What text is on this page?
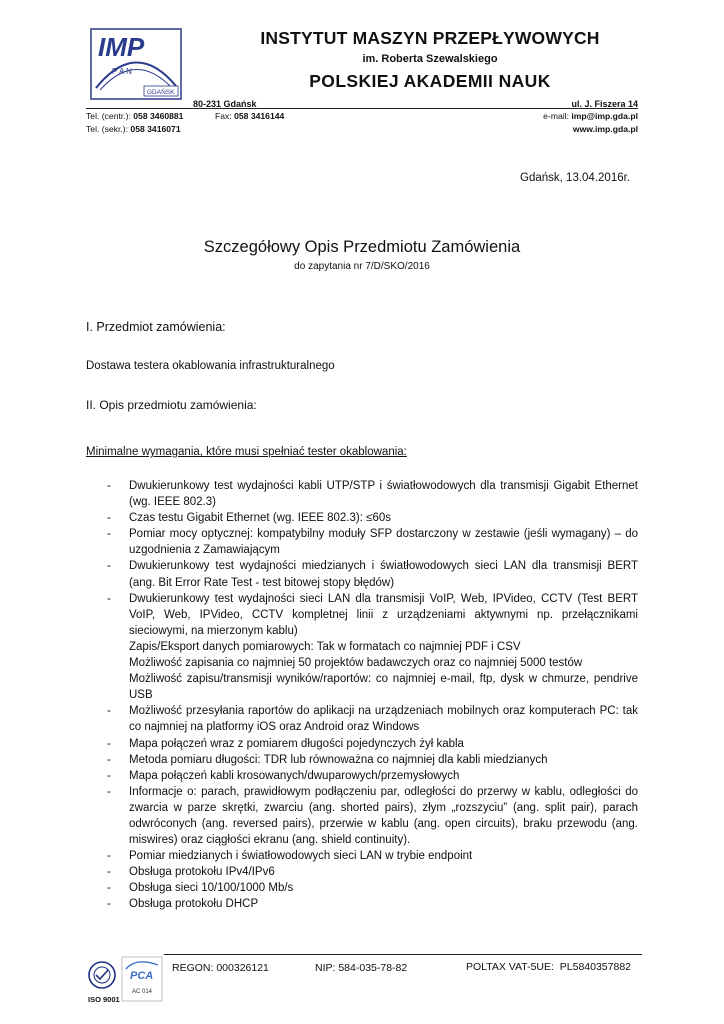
IMP
P A N
GDAŃSK
INSTYTUT MASZYN PRZEPŁYWOWYCH
im. Roberta Szewalskiego
POLSKIEJ AKADEMII NAUK
80-231 Gdańsk	ul. J. Fiszera 14
Tel. (centr.): 058 3460881	Fax: 058 3416144
Tel. (sekr.): 058 3416071
e-mail: imp@imp.gda.pl
www.imp.gda.pl
Gdańsk, 13.04.2016r.
Szczegółowy Opis Przedmiotu Zamówienia
do zapytania nr 7/D/SKO/2016
I. Przedmiot zamówienia:
Dostawa testera okablowania infrastrukturalnego
II. Opis przedmiotu zamówienia:
Minimalne wymagania, które musi spełniać tester okablowania:
- Dwukierunkowy test wydajności kabli UTP/STP i światłowodowych dla transmisji Gigabit Ethernet (wg. IEEE 802.3)
- Czas testu Gigabit Ethernet (wg. IEEE 802.3): ≤60s
- Pomiar mocy optycznej: kompatybilny moduły SFP dostarczony w zestawie (jeśli wymagany) – do uzgodnienia z Zamawiającym
- Dwukierunkowy test wydajności miedzianych i światłowodowych sieci LAN dla transmisji BERT (ang. Bit Error Rate Test - test bitowej stopy błędów)
- Dwukierunkowy test wydajności sieci LAN dla transmisji VoIP, Web, IPVideo, CCTV (Test BERT VoIP, Web, IPVideo, CCTV kompletnej linii z urządzeniami aktywnymi np. przełącznikami sieciowymi, na mierzonym kablu)
Zapis/Eksport danych pomiarowych: Tak w formatach co najmniej PDF i CSV
Możliwość zapisania co najmniej 50 projektów badawczych oraz co najmniej 5000 testów
Możliwość zapisu/transmisji wyników/raportów: co najmniej e-mail, ftp, dysk w chmurze, pendrive USB
- Możliwość przesyłania raportów do aplikacji na urządzeniach mobilnych oraz komputerach PC: tak co najmniej na platformy iOS oraz Android oraz Windows
- Mapa połączeń wraz z pomiarem długości pojedynczych żył kabla
- Metoda pomiaru długości: TDR lub równoważna co najmniej dla kabli miedzianych
- Mapa połączeń kabli krosowanych/dwuparowych/przemysłowych
- Informacje o: parach, prawidłowym podłączeniu par, odległości do przerwy w kablu, odległości do zwarcia w parze skrętki, zwarciu (ang. shorted pairs), złym „rozszyciu” (ang. split pair), parach odwróconych (ang. reversed pairs), przerwie w kablu (ang. open circuits), braku przewodu (ang. miswires) oraz ciągłości ekranu (ang. shield continuity).
- Pomiar miedzianych i światłowodowych sieci LAN w trybie endpoint
- Obsługa protokołu IPv4/IPv6
- Obsługa sieci 10/100/1000 Mb/s
- Obsługa protokołu DHCP
ISO 9001
PCA
AC 014
REGON: 000326121	NIP: 584-035-78-82	POLTAX VAT-5UE: PL5840357882
